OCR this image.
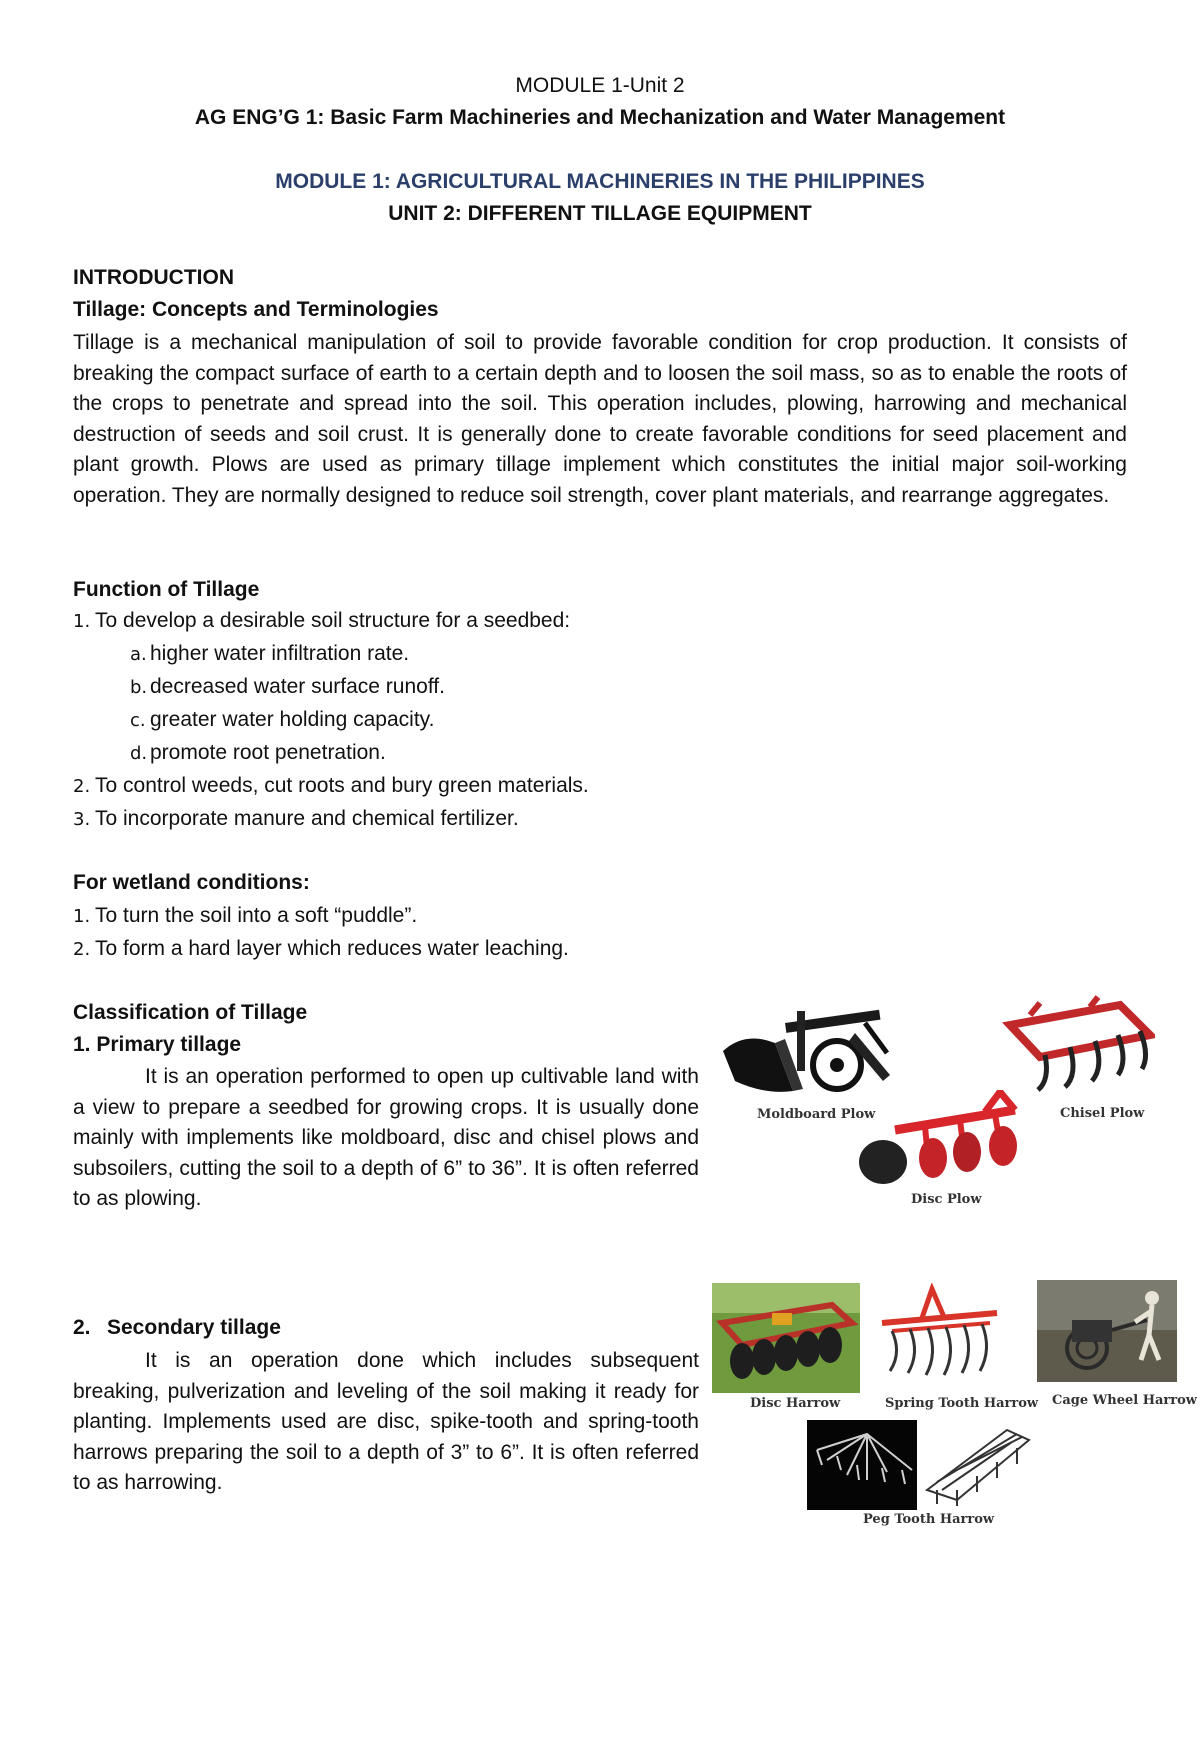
MODULE 1-Unit 2
AG ENG’G 1: Basic Farm Machineries and Mechanization and Water Management
MODULE 1: AGRICULTURAL MACHINERIES IN THE PHILIPPINES
UNIT 2: DIFFERENT TILLAGE EQUIPMENT
INTRODUCTION
Tillage: Concepts and Terminologies
Tillage is a mechanical manipulation of soil to provide favorable condition for crop production. It consists of breaking the compact surface of earth to a certain depth and to loosen the soil mass, so as to enable the roots of the crops to penetrate and spread into the soil. This operation includes, plowing, harrowing and mechanical destruction of seeds and soil crust. It is generally done to create favorable conditions for seed placement and plant growth. Plows are used as primary tillage implement which constitutes the initial major soil-working operation. They are normally designed to reduce soil strength, cover plant materials, and rearrange aggregates.
Function of Tillage
1. To develop a desirable soil structure for a seedbed:
a. higher water infiltration rate.
b. decreased water surface runoff.
c. greater water holding capacity.
d. promote root penetration.
2. To control weeds, cut roots and bury green materials.
3. To incorporate manure and chemical fertilizer.
For wetland conditions:
1. To turn the soil into a soft “puddle”.
2. To form a hard layer which reduces water leaching.
Classification of Tillage
1. Primary tillage
It is an operation performed to open up cultivable land with a view to prepare a seedbed for growing crops. It is usually done mainly with implements like moldboard, disc and chisel plows and subsoilers, cutting the soil to a depth of 6” to 36”. It is often referred to as plowing.
2. Secondary tillage
It is an operation done which includes subsequent breaking, pulverization and leveling of the soil making it ready for planting. Implements used are disc, spike-tooth and spring-tooth harrows preparing the soil to a depth of 3” to 6”. It is often referred to as harrowing.
Moldboard Plow	Chisel Plow
Disc Plow
Disc Harrow	Spring Tooth Harrow Cage Wheel Harrow
Peg Tooth Harrow
